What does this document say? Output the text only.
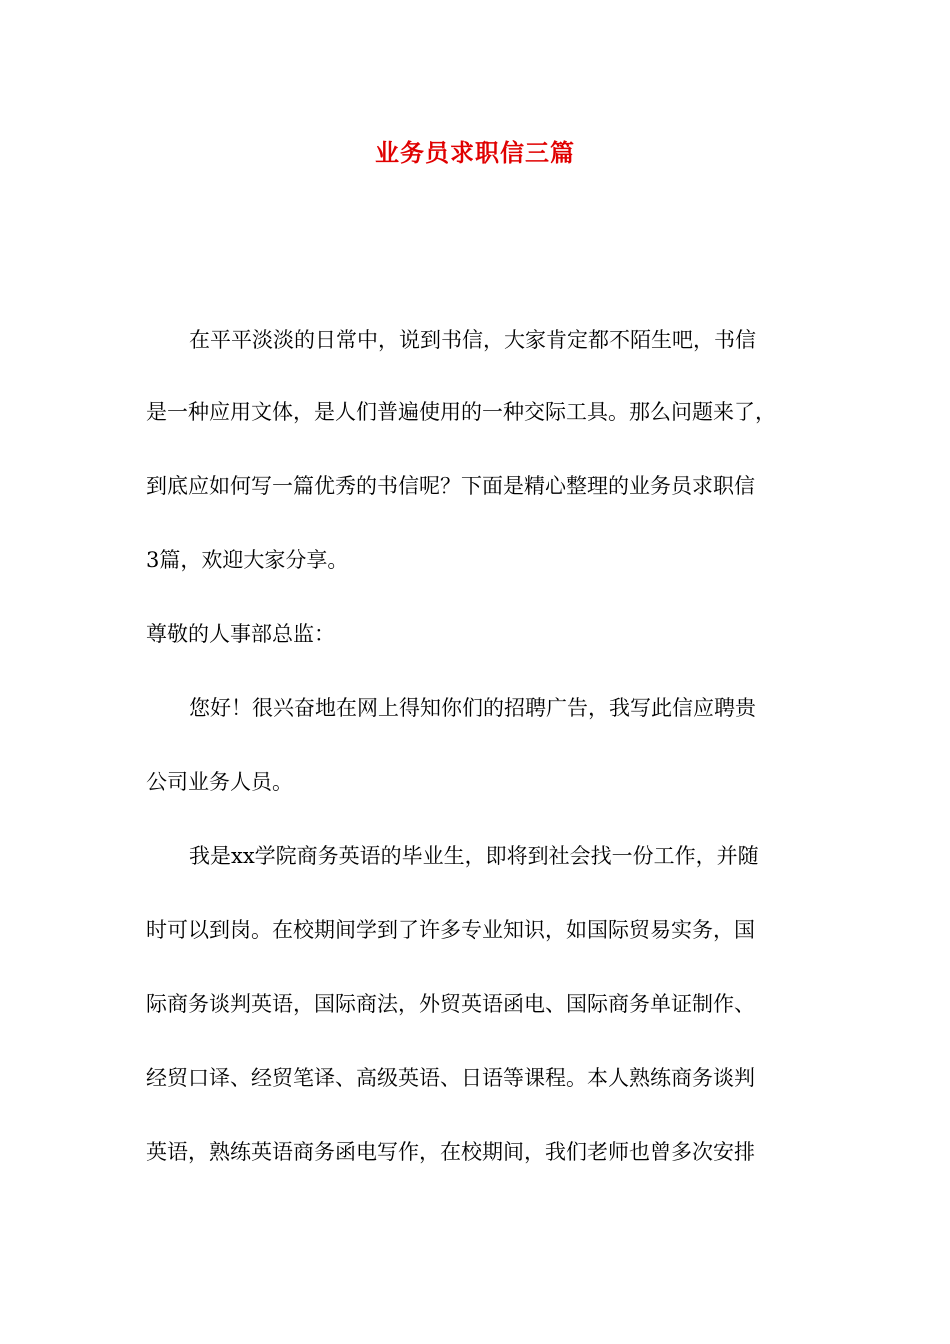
业务员求职信三篇
在平平淡淡的日常中，说到书信，大家肯定都不陌生吧，书信
是一种应用文体，是人们普遍使用的一种交际工具。那么问题来了，
到底应如何写一篇优秀的书信呢？下面是精心整理的业务员求职信
3篇，欢迎大家分享。
尊敬的人事部总监：
您好！很兴奋地在网上得知你们的招聘广告，我写此信应聘贵
公司业务人员。
我是xx学院商务英语的毕业生，即将到社会找一份工作，并随
时可以到岗。在校期间学到了许多专业知识，如国际贸易实务，国
际商务谈判英语，国际商法，外贸英语函电、国际商务单证制作、
经贸口译、经贸笔译、高级英语、日语等课程。本人熟练商务谈判
英语，熟练英语商务函电写作，在校期间，我们老师也曾多次安排
